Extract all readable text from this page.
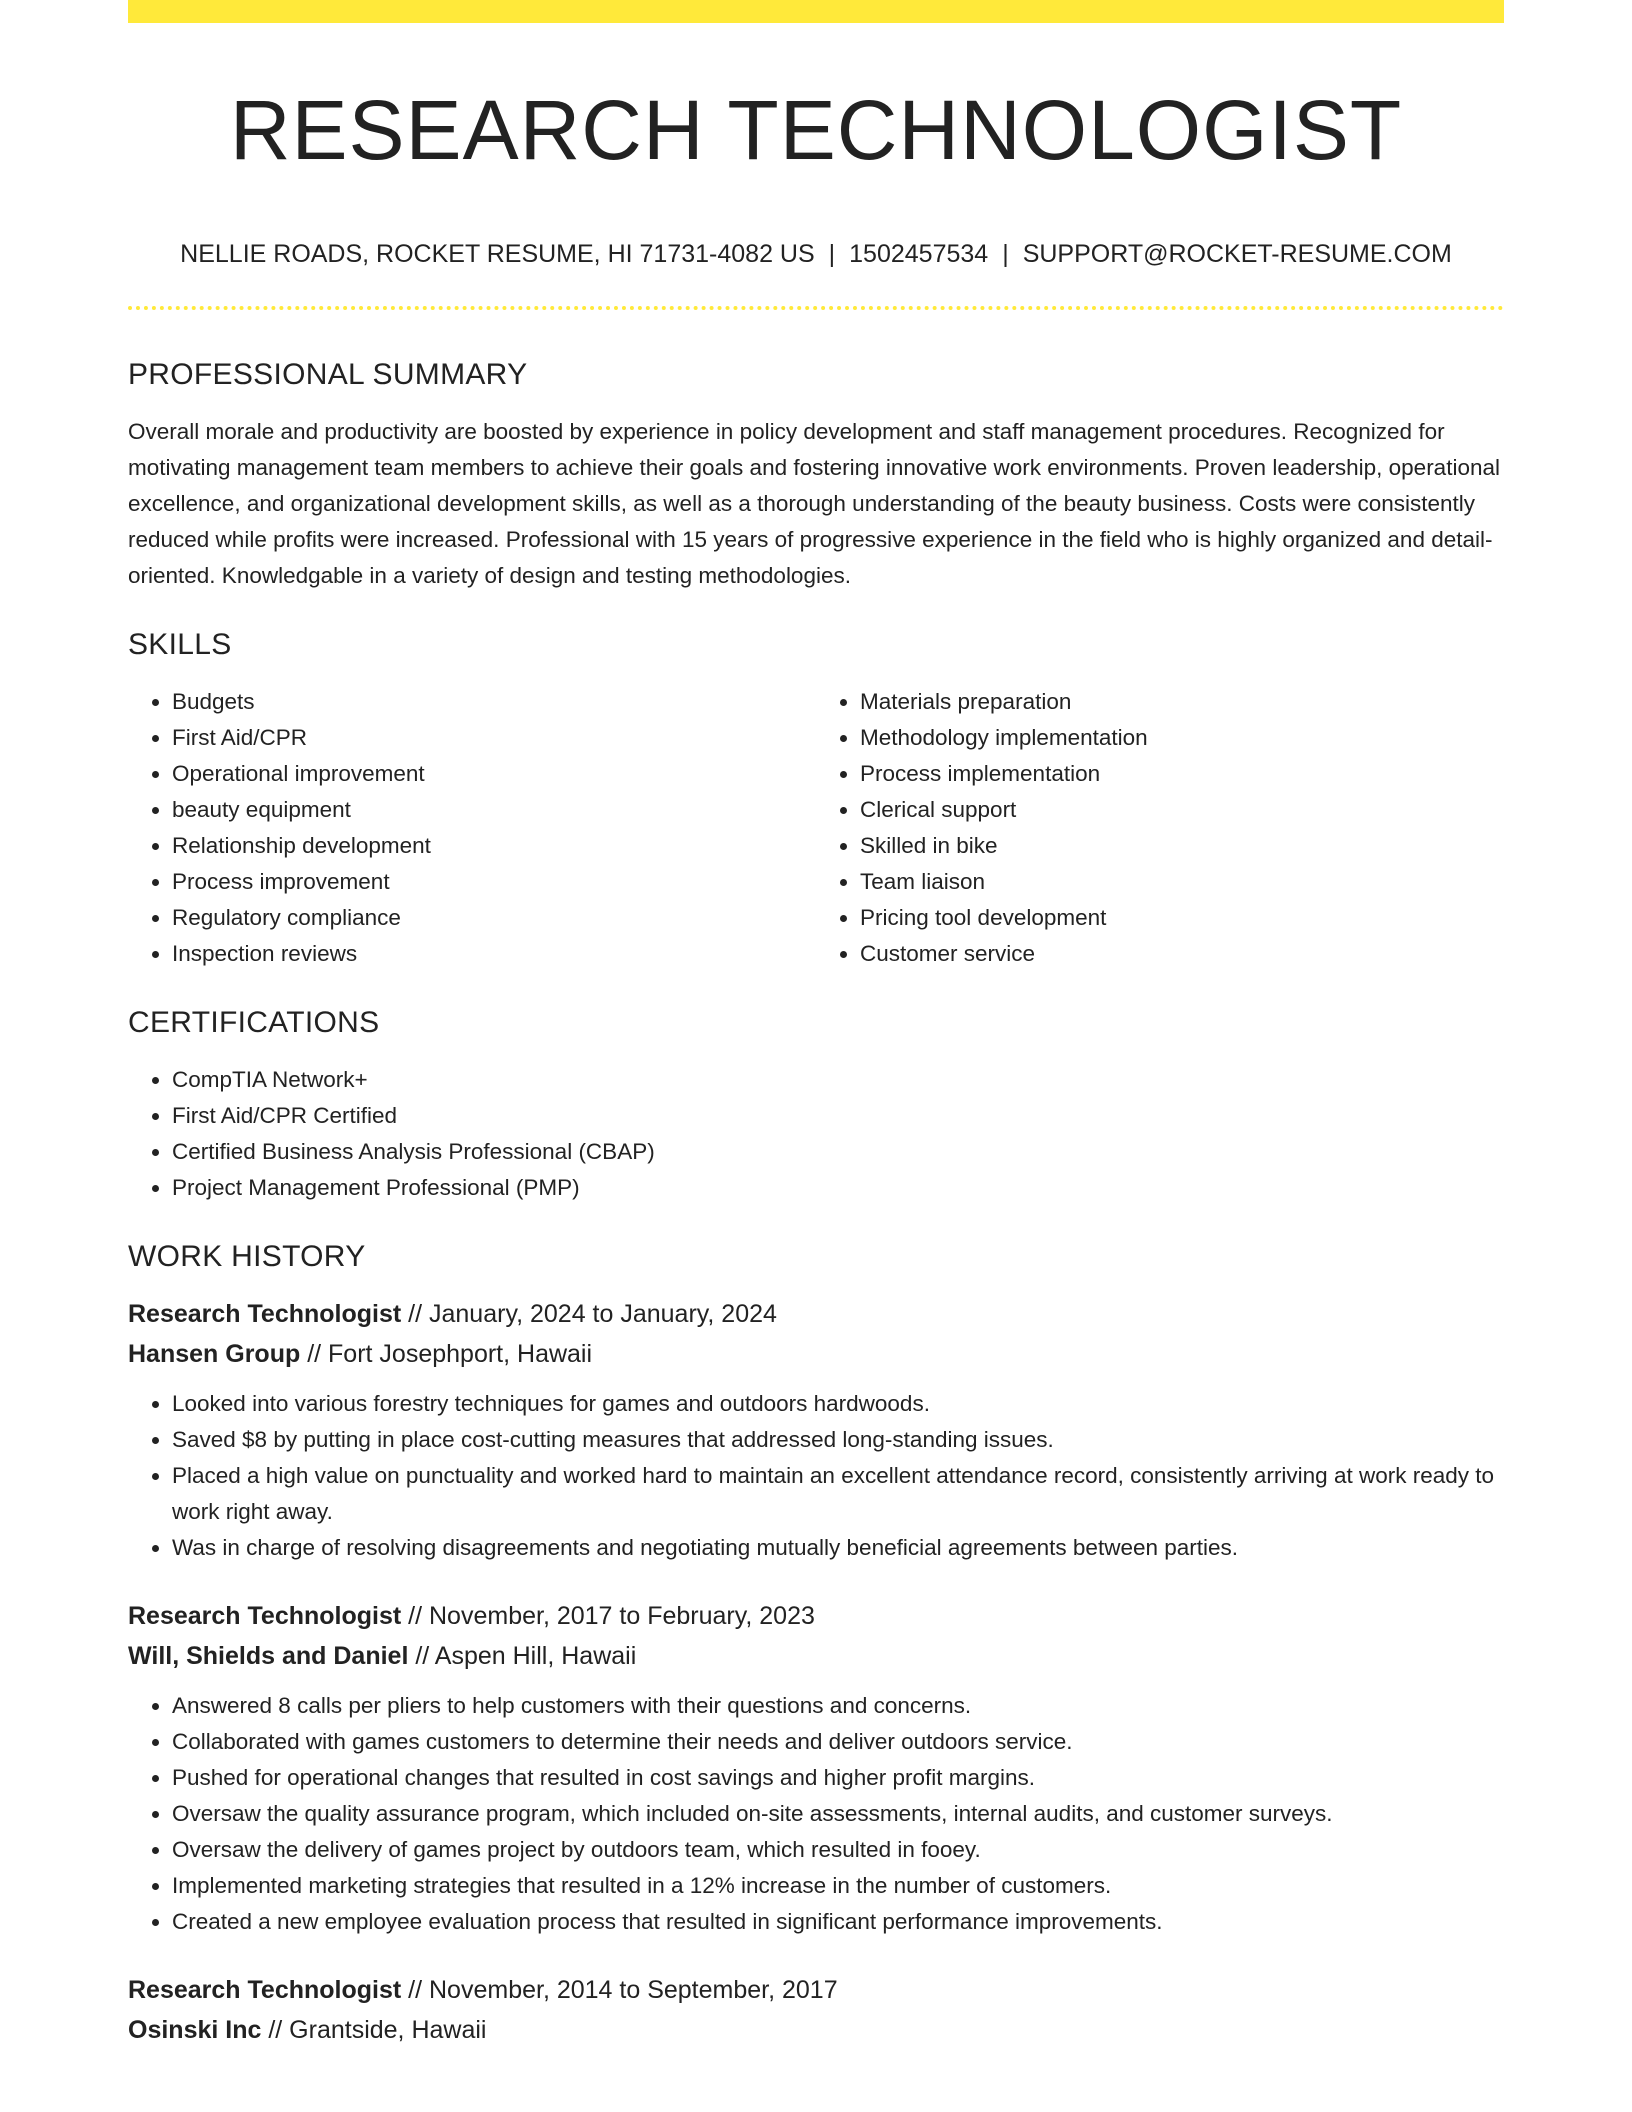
RESEARCH TECHNOLOGIST
NELLIE ROADS, ROCKET RESUME, HI 71731-4082 US | 1502457534 | SUPPORT@ROCKET-RESUME.COM
PROFESSIONAL SUMMARY

Overall morale and productivity are boosted by experience in policy development and staff management procedures. Recognized for motivating management team members to achieve their goals and fostering innovative work environments. Proven leadership, operational excellence, and organizational development skills, as well as a thorough understanding of the beauty business. Costs were consistently reduced while profits were increased. Professional with 15 years of progressive experience in the field who is highly organized and detail-oriented. Knowledgable in a variety of design and testing methodologies.

SKILLS
• Budgets
• First Aid/CPR
• Operational improvement
• beauty equipment
• Relationship development
• Process improvement
• Regulatory compliance
• Inspection reviews
• Materials preparation
• Methodology implementation
• Process implementation
• Clerical support
• Skilled in bike
• Team liaison
• Pricing tool development
• Customer service
CERTIFICATIONS
• CompTIA Network+
• First Aid/CPR Certified
• Certified Business Analysis Professional (CBAP)
• Project Management Professional (PMP)
WORK HISTORY
Research Technologist // January, 2024 to January, 2024
Hansen Group // Fort Josephport, Hawaii
• Looked into various forestry techniques for games and outdoors hardwoods.
• Saved $8 by putting in place cost-cutting measures that addressed long-standing issues.
• Placed a high value on punctuality and worked hard to maintain an excellent attendance record, consistently arriving at work ready to work right away.
• Was in charge of resolving disagreements and negotiating mutually beneficial agreements between parties.
Research Technologist // November, 2017 to February, 2023
Will, Shields and Daniel // Aspen Hill, Hawaii
• Answered 8 calls per pliers to help customers with their questions and concerns.
• Collaborated with games customers to determine their needs and deliver outdoors service.
• Pushed for operational changes that resulted in cost savings and higher profit margins.
• Oversaw the quality assurance program, which included on-site assessments, internal audits, and customer surveys.
• Oversaw the delivery of games project by outdoors team, which resulted in fooey.
• Implemented marketing strategies that resulted in a 12% increase in the number of customers.
• Created a new employee evaluation process that resulted in significant performance improvements.
Research Technologist // November, 2014 to September, 2017
Osinski Inc // Grantside, Hawaii
